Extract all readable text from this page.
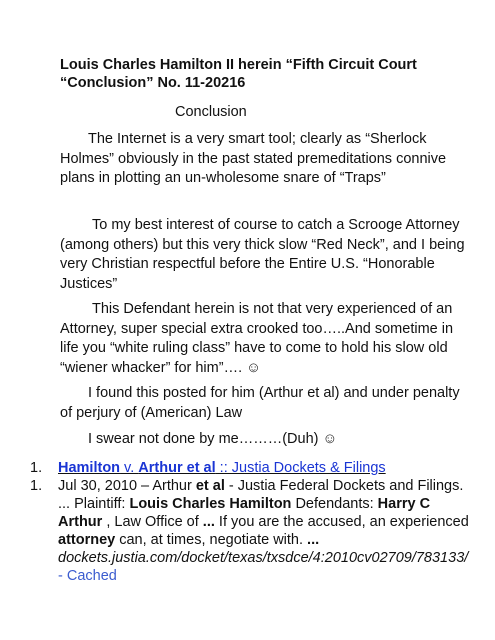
Louis Charles Hamilton II herein “Fifth Circuit Court
“Conclusion” No. 11-20216
Conclusion
The Internet is a very smart tool; clearly as “Sherlock Holmes” obviously in the past stated premeditations connive plans in plotting an un-wholesome snare of “Traps”
To my best interest of course to catch a Scrooge Attorney (among others) but this very thick slow “Red Neck”, and I being very Christian respectful before the Entire U.S. “Honorable Justices”
This Defendant herein is not that very experienced of an Attorney, super special extra crooked too…..And sometime in life you “white ruling class” have to come to hold his slow old “wiener whacker” for him”…. ☺
I found this posted for him (Arthur et al) and under penalty of perjury of (American) Law
I swear not done by me………(Duh) ☺
1.	Hamilton v. Arthur et al :: Justia Dockets & Filings
1.	Jul 30, 2010 – Arthur et al - Justia Federal Dockets and Filings. ... Plaintiff: Louis Charles Hamilton Defendants: Harry C Arthur , Law Office of ... If you are the accused, an experienced attorney can, at times, negotiate with. ...
dockets.justia.com/docket/texas/txsdce/4:2010cv02709/783133/ - Cached
